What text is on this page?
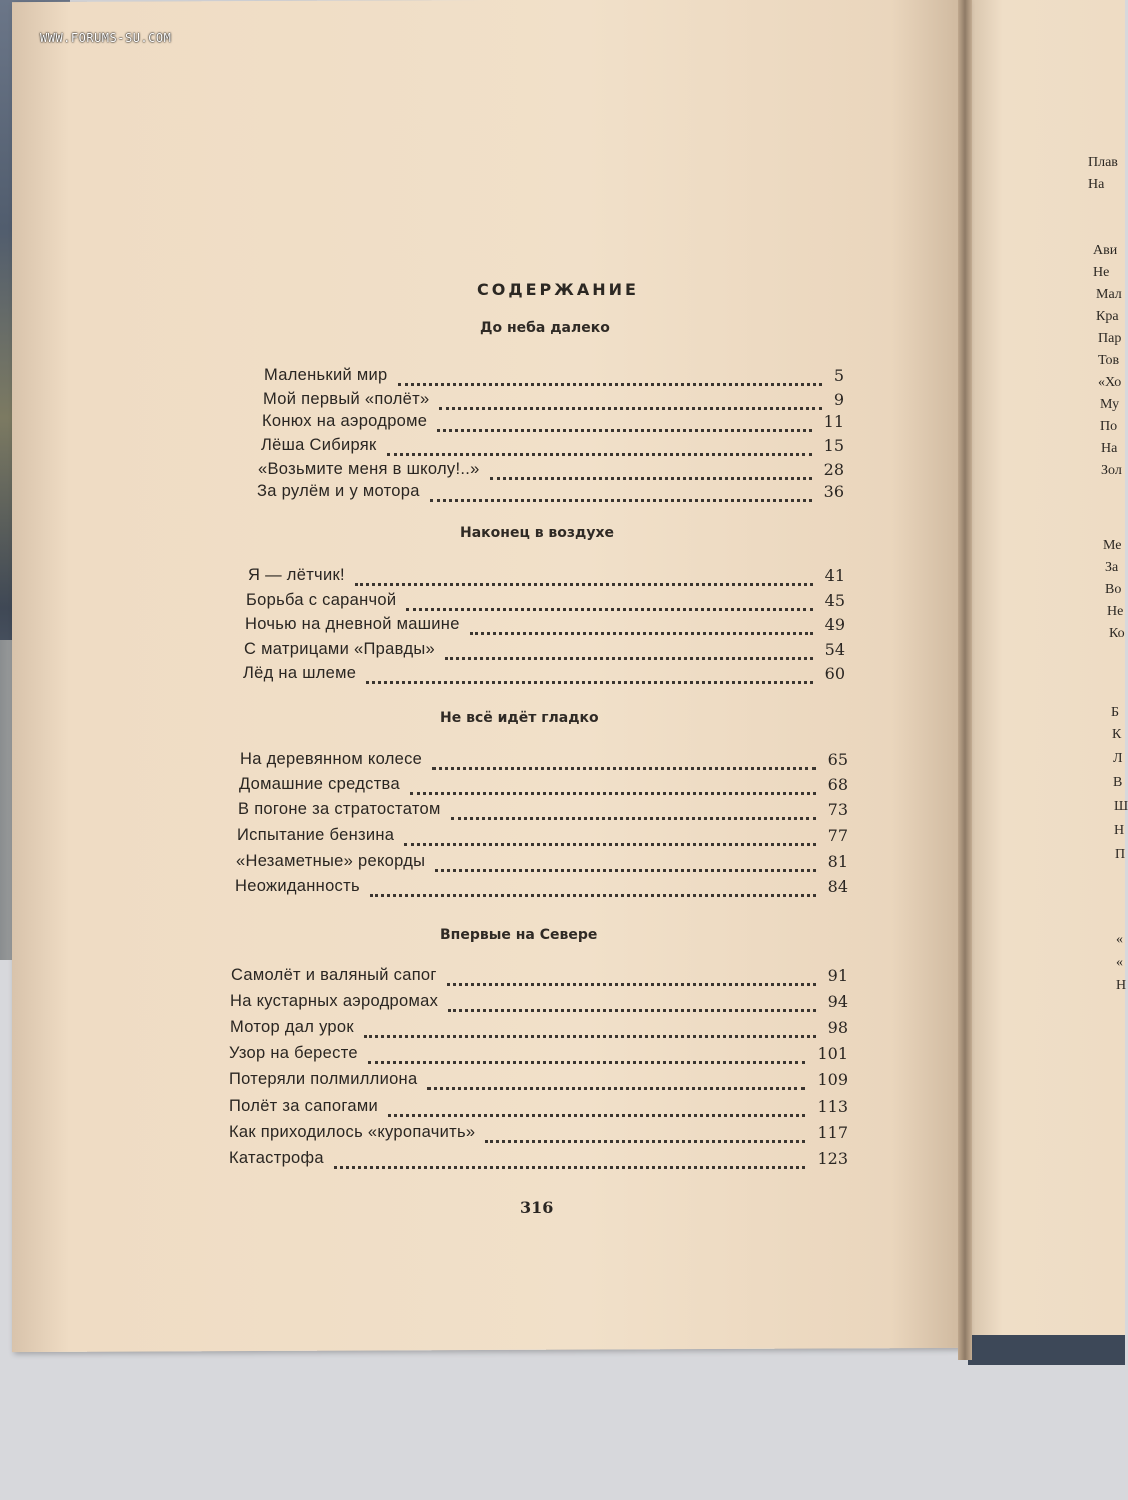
WWW.FORUMS-SU.COM
СОДЕРЖАНИЕ
До неба далеко
Маленький мир	5
Мой первый «полёт»	9
Конюх на аэродроме	11
Лёша Сибиряк	15
«Возьмите меня в школу!..»	28
За рулём и у мотора	36
Наконец в воздухе
Я — лётчик!	41
Борьба с саранчой	45
Ночью на дневной машине	49
С матрицами «Правды»	54
Лёд на шлеме	60
Не всё идёт гладко
На деревянном колесе	65
Домашние средства	68
В погоне за стратостатом	73
Испытание бензина	77
«Незаметные» рекорды	81
Неожиданность	84
Впервые на Севере
Самолёт и валяный сапог	91
На кустарных аэродромах	94
Мотор дал урок	98
Узор на бересте	101
Потеряли полмиллиона	109
Полёт за сапогами	113
Как приходилось «куропачить»	117
Катастрофа	123
316
Плав
На
Ави
Не
Мал
Кра
Пар
Тов
«Хо
Му
По
На
Зол
Ме
За
Во
Не
Ко
Б
К
Л
В
Ш
Н
П
«
«
Н
